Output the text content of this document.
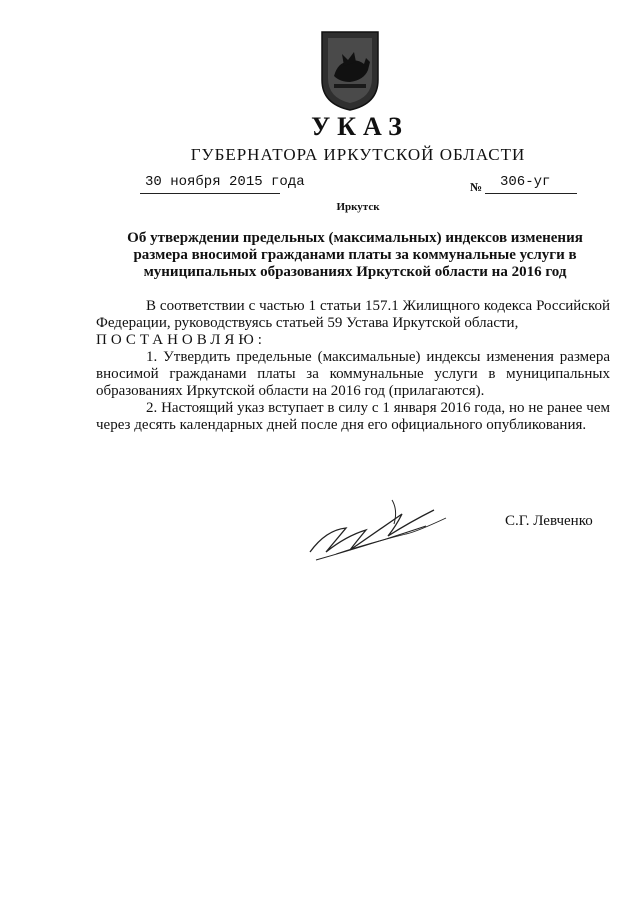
УКАЗ
ГУБЕРНАТОРА ИРКУТСКОЙ ОБЛАСТИ
30 ноября 2015 года	№ 306-уг
Иркутск
Об утверждении предельных (максимальных) индексов изменения размера вносимой гражданами платы за коммунальные услуги в муниципальных образованиях Иркутской области на 2016 год

В соответствии с частью 1 статьи 157.1 Жилищного кодекса Российской Федерации, руководствуясь статьей 59 Устава Иркутской области,

ПОСТАНОВЛЯЮ:

1. Утвердить предельные (максимальные) индексы изменения размера вносимой гражданами платы за коммунальные услуги в муниципальных образованиях Иркутской области на 2016 год (прилагаются).

2. Настоящий указ вступает в силу с 1 января 2016 года, но не ранее чем через десять календарных дней после дня его официального опубликования.

С.Г. Левченко
